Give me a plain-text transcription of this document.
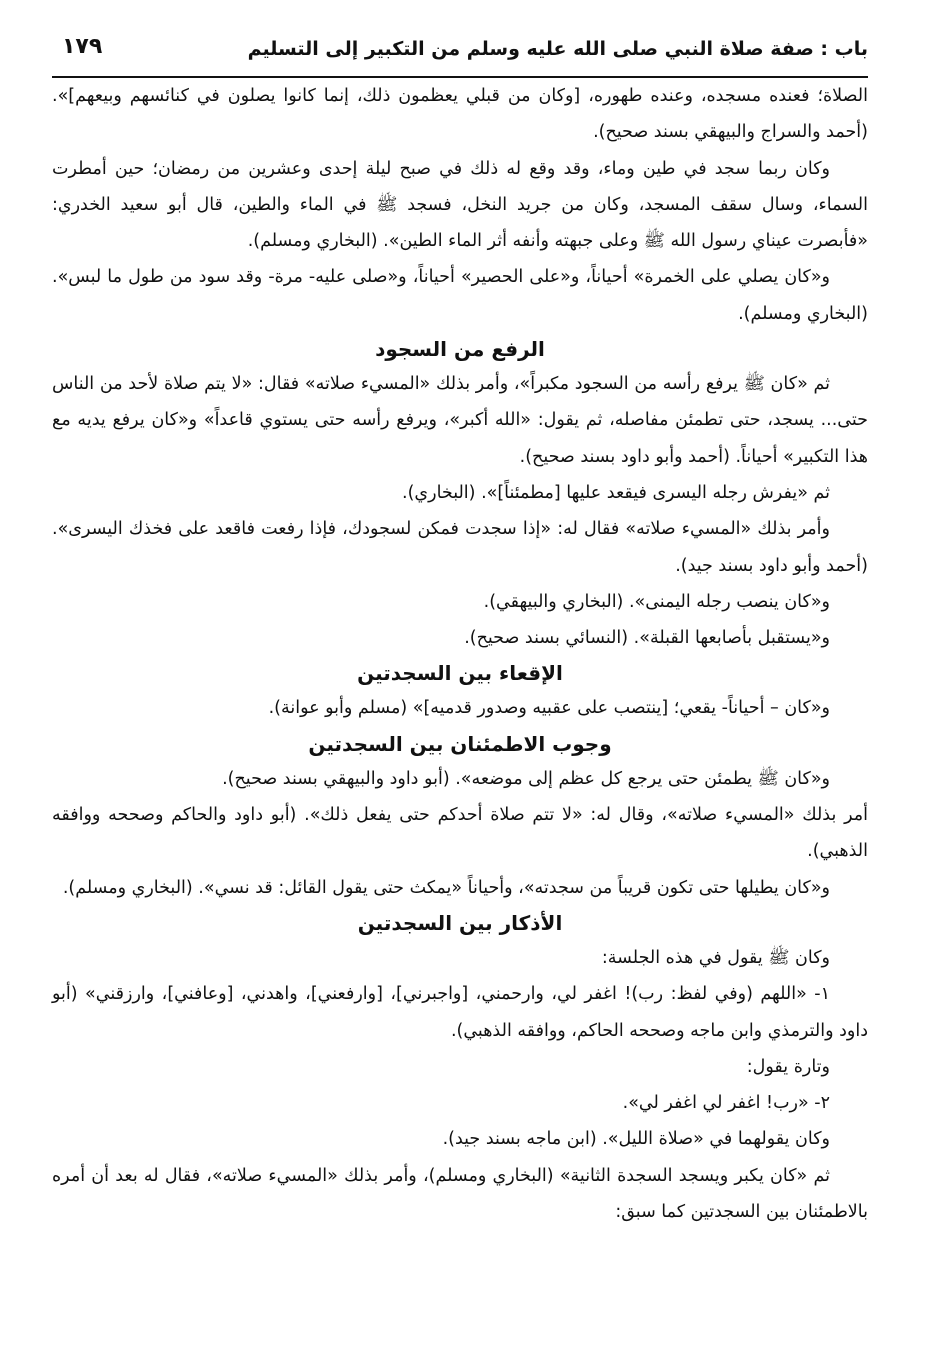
باب : صفة صلاة النبي صلى الله عليه وسلم من التكبير إلى التسليم
١٧٩

الصلاة؛ فعنده مسجده، وعنده طهوره، [وكان من قبلي يعظمون ذلك، إنما كانوا يصلون في كنائسهم وبيعهم]». (أحمد والسراج والبيهقي بسند صحيح).

وكان ربما سجد في طين وماء، وقد وقع له ذلك في صبح ليلة إحدى وعشرين من رمضان؛ حين أمطرت السماء، وسال سقف المسجد، وكان من جريد النخل، فسجد ﷺ في الماء والطين، قال أبو سعيد الخدري: «فأبصرت عيناي رسول الله ﷺ وعلى جبهته وأنفه أثر الماء الطين». (البخاري ومسلم).

و«كان يصلي على الخمرة» أحياناً، و«على الحصير» أحياناً، و«صلى عليه- مرة- وقد سود من طول ما لبس». (البخاري ومسلم).

الرفع من السجود

ثم «كان ﷺ يرفع رأسه من السجود مكبراً»، وأمر بذلك «المسيء صلاته» فقال: «لا يتم صلاة لأحد من الناس حتى... يسجد، حتى تطمئن مفاصله، ثم يقول: «الله أكبر»، ويرفع رأسه حتى يستوي قاعداً» و«كان يرفع يديه مع هذا التكبير» أحياناً. (أحمد وأبو داود بسند صحيح).

ثم «يفرش رجله اليسرى فيقعد عليها [مطمئناً]». (البخاري).

وأمر بذلك «المسيء صلاته» فقال له: «إذا سجدت فمكن لسجودك، فإذا رفعت فاقعد على فخذك اليسرى». (أحمد وأبو داود بسند جيد).

و«كان ينصب رجله اليمنى». (البخاري والبيهقي).

و«يستقبل بأصابعها القبلة». (النسائي بسند صحيح).

الإقعاء بين السجدتين

و«كان – أحياناً- يقعي؛ [ينتصب على عقبيه وصدور قدميه]» (مسلم وأبو عوانة).

وجوب الاطمئنان بين السجدتين

و«كان ﷺ يطمئن حتى يرجع كل عظم إلى موضعه». (أبو داود والبيهقي بسند صحيح).

أمر بذلك «المسيء صلاته»، وقال له: «لا تتم صلاة أحدكم حتى يفعل ذلك». (أبو داود والحاكم وصححه ووافقه الذهبي).

و«كان يطيلها حتى تكون قريباً من سجدته»، وأحياناً «يمكث حتى يقول القائل: قد نسي». (البخاري ومسلم).

الأذكار بين السجدتين

وكان ﷺ يقول في هذه الجلسة:

١- «اللهم (وفي لفظ: رب)! اغفر لي، وارحمني، [واجبرني]، [وارفعني]، واهدني، [وعافني]، وارزقني» (أبو داود والترمذي وابن ماجه وصححه الحاكم، ووافقه الذهبي).

وتارة يقول:

٢- «رب! اغفر لي اغفر لي».

وكان يقولهما في «صلاة الليل». (ابن ماجه بسند جيد).

ثم «كان يكبر ويسجد السجدة الثانية» (البخاري ومسلم)، وأمر بذلك «المسيء صلاته»، فقال له بعد أن أمره بالاطمئنان بين السجدتين كما سبق:
